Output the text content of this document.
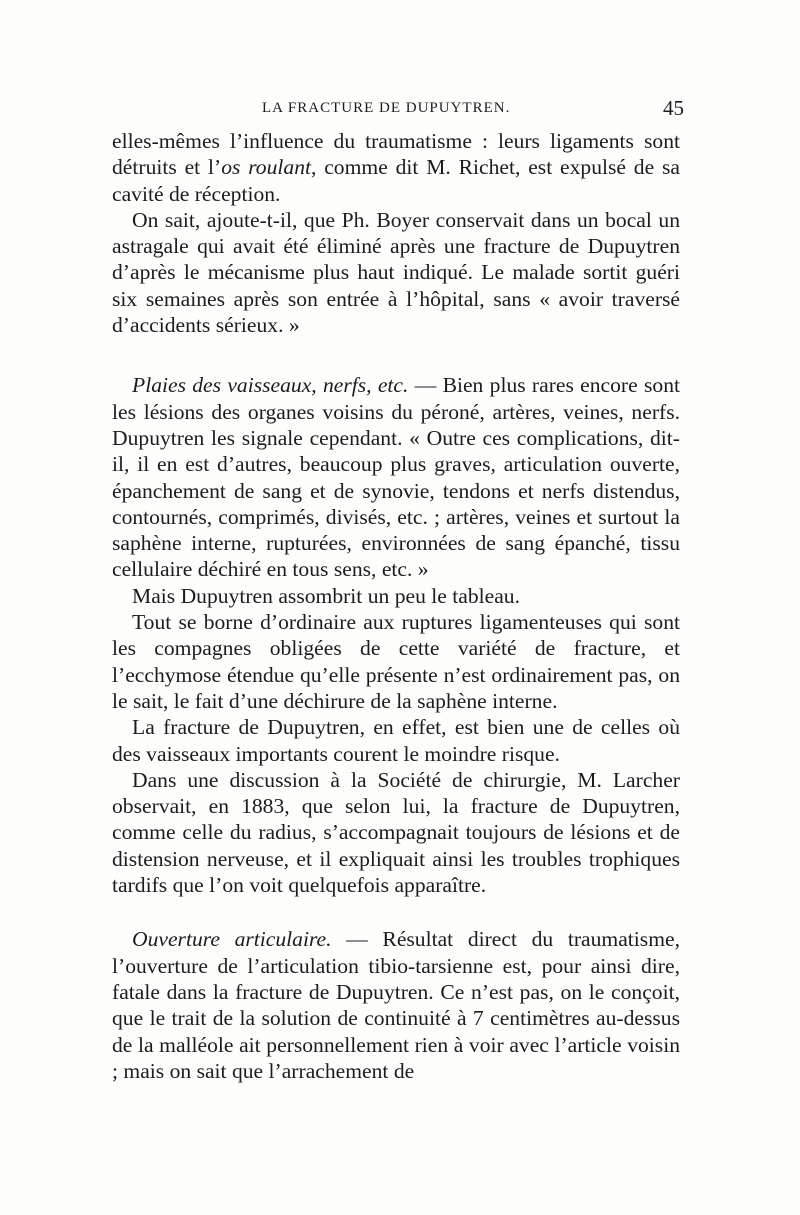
LA FRACTURE DE DUPUYTREN.	45

elles-mêmes l’influence du traumatisme : leurs ligaments sont détruits et l’os roulant, comme dit M. Richet, est expulsé de sa cavité de réception.

On sait, ajoute-t-il, que Ph. Boyer conservait dans un bocal un astragale qui avait été éliminé après une fracture de Dupuytren d’après le mécanisme plus haut indiqué. Le malade sortit guéri six semaines après son entrée à l’hôpital, sans « avoir traversé d’accidents sérieux. »

Plaies des vaisseaux, nerfs, etc. — Bien plus rares encore sont les lésions des organes voisins du péroné, artères, veines, nerfs. Dupuytren les signale cependant. « Outre ces complications, dit-il, il en est d’autres, beaucoup plus graves, articulation ouverte, épanchement de sang et de synovie, tendons et nerfs distendus, contournés, comprimés, divisés, etc. ; artères, veines et surtout la saphène interne, rupturées, environnées de sang épanché, tissu cellulaire déchiré en tous sens, etc. »

Mais Dupuytren assombrit un peu le tableau.

Tout se borne d’ordinaire aux ruptures ligamenteuses qui sont les compagnes obligées de cette variété de fracture, et l’ecchymose étendue qu’elle présente n’est ordinairement pas, on le sait, le fait d’une déchirure de la saphène interne.

La fracture de Dupuytren, en effet, est bien une de celles où des vaisseaux importants courent le moindre risque.

Dans une discussion à la Société de chirurgie, M. Larcher observait, en 1883, que selon lui, la fracture de Dupuytren, comme celle du radius, s’accompagnait toujours de lésions et de distension nerveuse, et il expliquait ainsi les troubles trophiques tardifs que l’on voit quelquefois apparaître.

Ouverture articulaire. — Résultat direct du traumatisme, l’ouverture de l’articulation tibio-tarsienne est, pour ainsi dire, fatale dans la fracture de Dupuytren. Ce n’est pas, on le conçoit, que le trait de la solution de continuité à 7 centimètres au-dessus de la malléole ait personnellement rien à voir avec l’article voisin ; mais on sait que l’arrachement de
